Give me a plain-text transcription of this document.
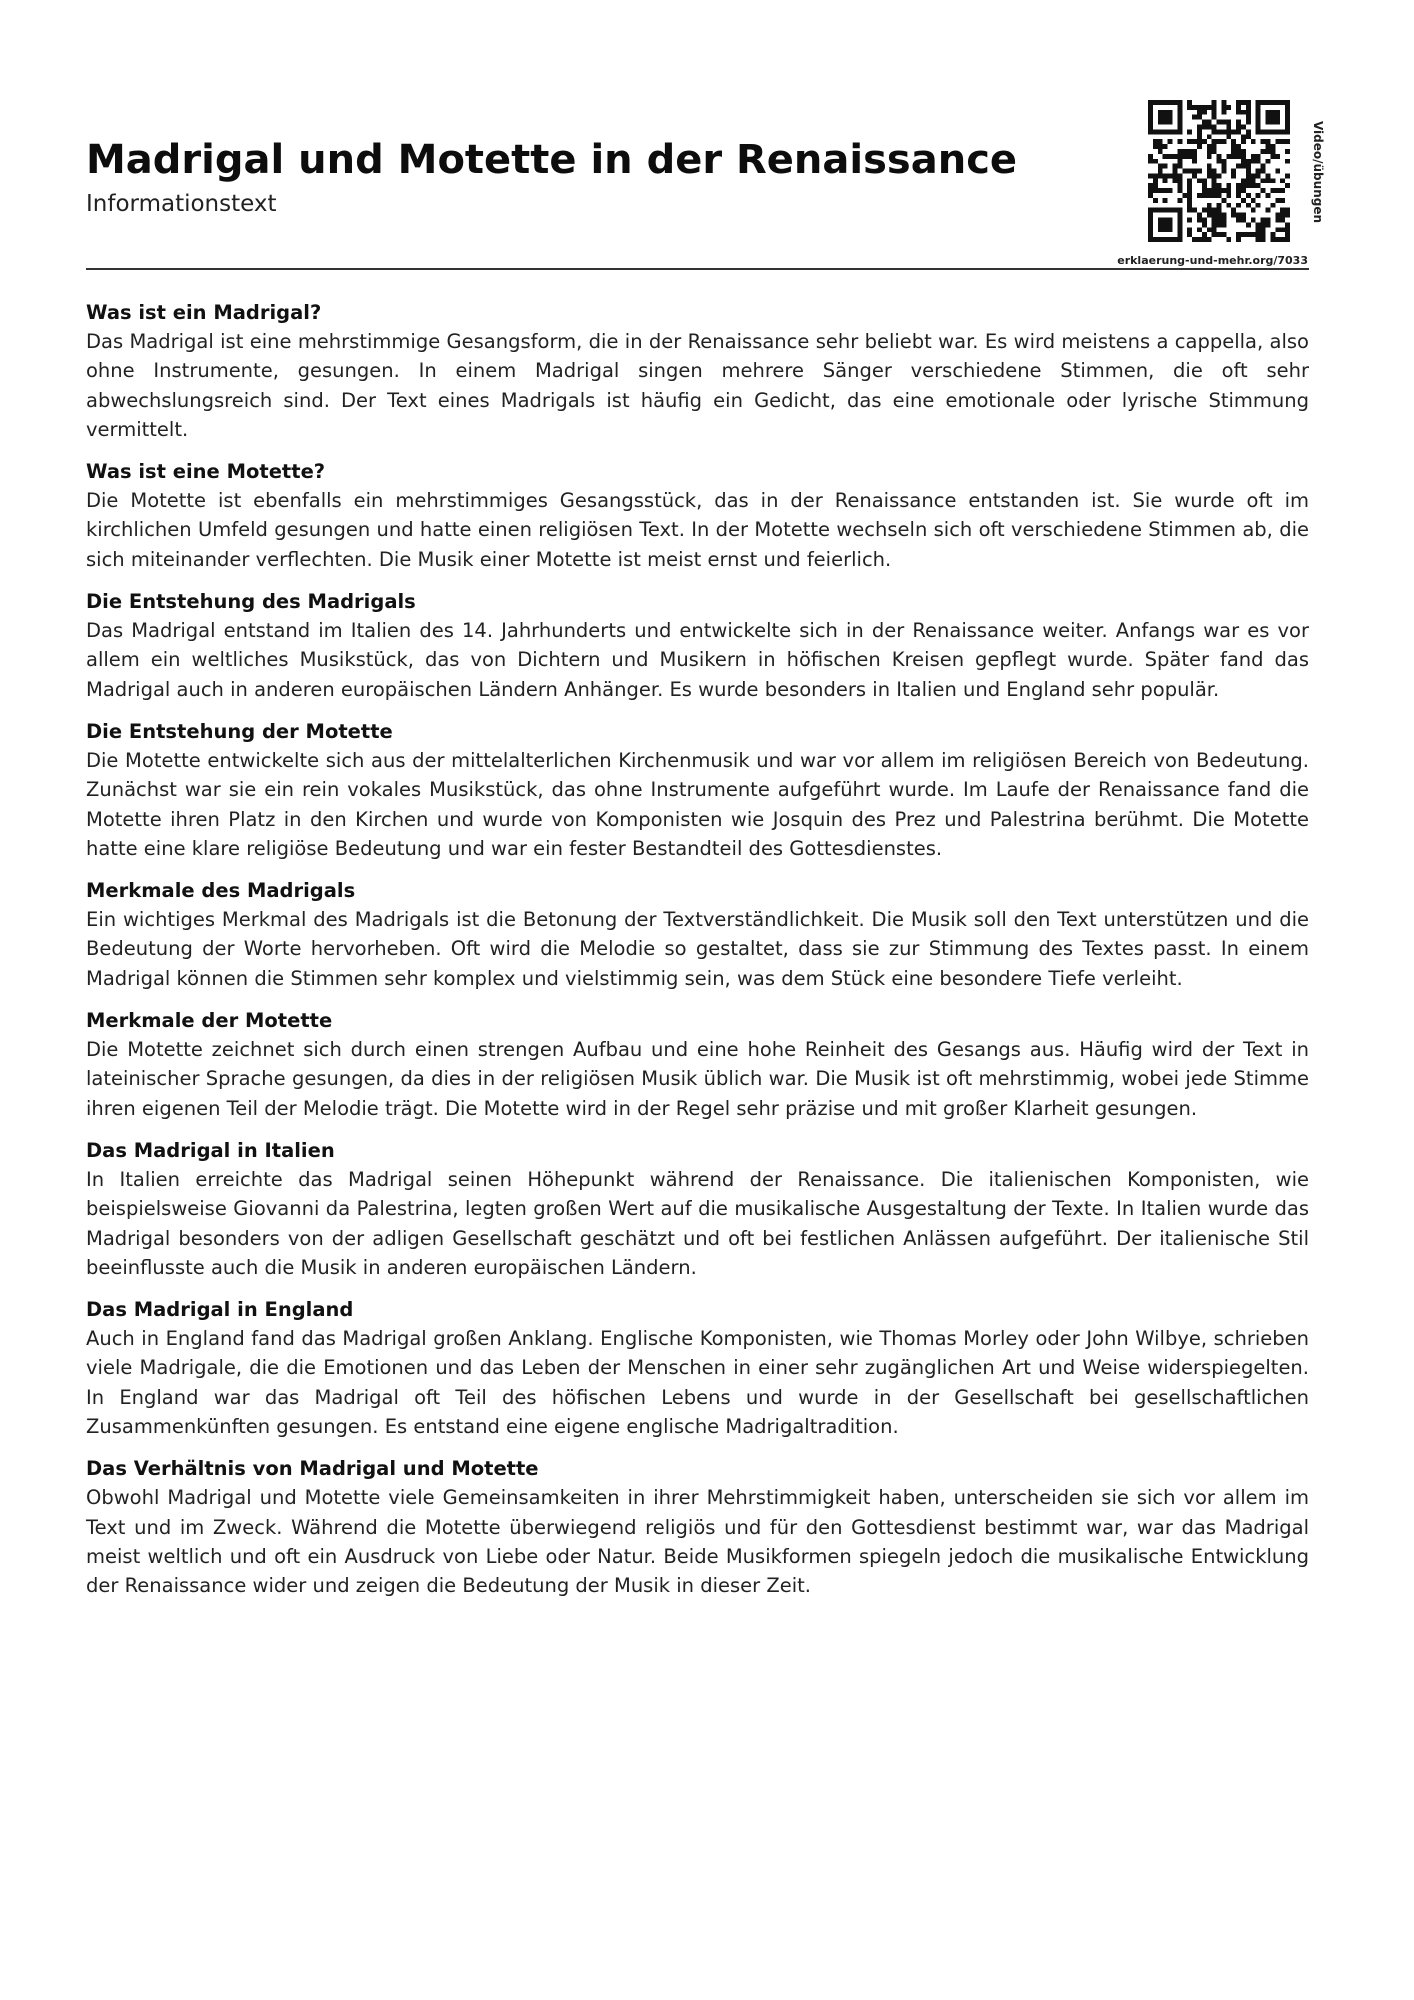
Madrigal und Motette in der Renaissance
Informationstext	Video/übungen
erklaerung-und-mehr.org/7033
Was ist ein Madrigal?

Das Madrigal ist eine mehrstimmige Gesangsform, die in der Renaissance sehr beliebt war. Es wird meistens a cappella, also ohne Instrumente, gesungen. In einem Madrigal singen mehrere Sänger verschiedene Stimmen, die oft sehr abwechslungsreich sind. Der Text eines Madrigals ist häufig ein Gedicht, das eine emotionale oder lyrische Stimmung vermittelt.

Was ist eine Motette?

Die Motette ist ebenfalls ein mehrstimmiges Gesangsstück, das in der Renaissance entstanden ist. Sie wurde oft im kirchlichen Umfeld gesungen und hatte einen religiösen Text. In der Motette wechseln sich oft verschiedene Stimmen ab, die sich miteinander verflechten. Die Musik einer Motette ist meist ernst und feierlich.

Die Entstehung des Madrigals

Das Madrigal entstand im Italien des 14. Jahrhunderts und entwickelte sich in der Renaissance weiter. Anfangs war es vor allem ein weltliches Musikstück, das von Dichtern und Musikern in höfischen Kreisen gepflegt wurde. Später fand das Madrigal auch in anderen europäischen Ländern Anhänger. Es wurde besonders in Italien und England sehr populär.

Die Entstehung der Motette

Die Motette entwickelte sich aus der mittelalterlichen Kirchenmusik und war vor allem im religiösen Bereich von Bedeutung. Zunächst war sie ein rein vokales Musikstück, das ohne Instrumente aufgeführt wurde. Im Laufe der Renaissance fand die Motette ihren Platz in den Kirchen und wurde von Komponisten wie Josquin des Prez und Palestrina berühmt. Die Motette hatte eine klare religiöse Bedeutung und war ein fester Bestandteil des Gottesdienstes.

Merkmale des Madrigals

Ein wichtiges Merkmal des Madrigals ist die Betonung der Textverständlichkeit. Die Musik soll den Text unterstützen und die Bedeutung der Worte hervorheben. Oft wird die Melodie so gestaltet, dass sie zur Stimmung des Textes passt. In einem Madrigal können die Stimmen sehr komplex und vielstimmig sein, was dem Stück eine besondere Tiefe verleiht.

Merkmale der Motette

Die Motette zeichnet sich durch einen strengen Aufbau und eine hohe Reinheit des Gesangs aus. Häufig wird der Text in lateinischer Sprache gesungen, da dies in der religiösen Musik üblich war. Die Musik ist oft mehrstimmig, wobei jede Stimme ihren eigenen Teil der Melodie trägt. Die Motette wird in der Regel sehr präzise und mit großer Klarheit gesungen.

Das Madrigal in Italien

In Italien erreichte das Madrigal seinen Höhepunkt während der Renaissance. Die italienischen Komponisten, wie beispielsweise Giovanni da Palestrina, legten großen Wert auf die musikalische Ausgestaltung der Texte. In Italien wurde das Madrigal besonders von der adligen Gesellschaft geschätzt und oft bei festlichen Anlässen aufgeführt. Der italienische Stil beeinflusste auch die Musik in anderen europäischen Ländern.

Das Madrigal in England

Auch in England fand das Madrigal großen Anklang. Englische Komponisten, wie Thomas Morley oder John Wilbye, schrieben viele Madrigale, die die Emotionen und das Leben der Menschen in einer sehr zugänglichen Art und Weise widerspiegelten. In England war das Madrigal oft Teil des höfischen Lebens und wurde in der Gesellschaft bei gesellschaftlichen Zusammenkünften gesungen. Es entstand eine eigene englische Madrigaltradition.

Das Verhältnis von Madrigal und Motette

Obwohl Madrigal und Motette viele Gemeinsamkeiten in ihrer Mehrstimmigkeit haben, unterscheiden sie sich vor allem im Text und im Zweck. Während die Motette überwiegend religiös und für den Gottesdienst bestimmt war, war das Madrigal meist weltlich und oft ein Ausdruck von Liebe oder Natur. Beide Musikformen spiegeln jedoch die musikalische Entwicklung der Renaissance wider und zeigen die Bedeutung der Musik in dieser Zeit.
